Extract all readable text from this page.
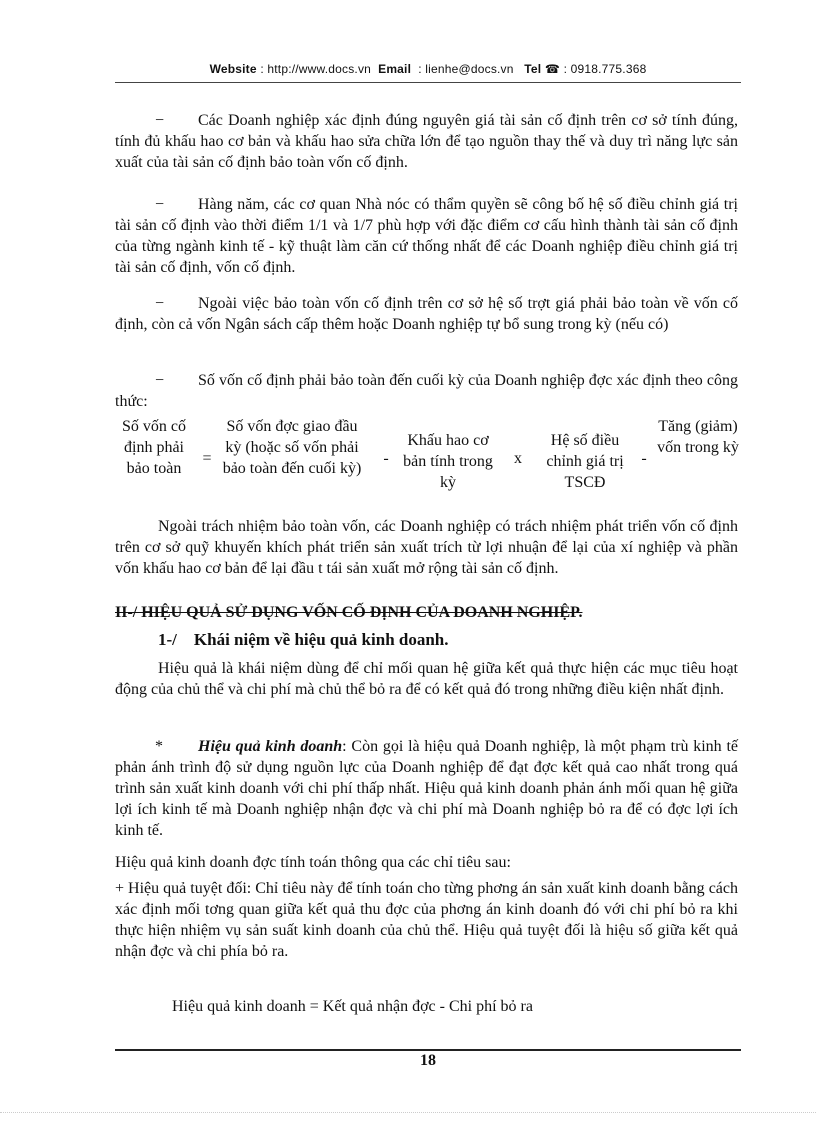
Website : http://www.docs.vn Email : lienhe@docs.vn Tel ☎ : 0918.775.368

− Các Doanh nghiệp xác định đúng nguyên giá tài sản cố định trên cơ sở tính đúng, tính đủ khấu hao cơ bản và khấu hao sửa chữa lớn để tạo nguồn thay thế và duy trì năng lực sản xuất của tài sản cố định bảo toàn vốn cố định.

− Hàng năm, các cơ quan Nhà nóc có thẩm quyền sẽ công bố hệ số điều chỉnh giá trị tài sản cố định vào thời điểm 1/1 và 1/7 phù hợp với đặc điểm cơ cấu hình thành tài sản cố định của từng ngành kinh tế - kỹ thuật làm căn cứ thống nhất để các Doanh nghiệp điều chỉnh giá trị tài sản cố định, vốn cố định.

− Ngoài việc bảo toàn vốn cố định trên cơ sở hệ số trợt giá phải bảo toàn về vốn cố định, còn cả vốn Ngân sách cấp thêm hoặc Doanh nghiệp tự bổ sung trong kỳ (nếu có)

− Số vốn cố định phải bảo toàn đến cuối kỳ của Doanh nghiệp đợc xác định theo công thức:

Số vốn cố định phải bảo toàn
=
Số vốn đợc giao đầu kỳ (hoặc số vốn phải bảo toàn đến cuối kỳ)
-
Khấu hao cơ bản tính trong kỳ
x
Hệ số điều chỉnh giá trị TSCĐ
-
Tăng (giảm) vốn trong kỳ

Ngoài trách nhiệm bảo toàn vốn, các Doanh nghiệp có trách nhiệm phát triển vốn cố định trên cơ sở quỹ khuyến khích phát triển sản xuất trích từ lợi nhuận để lại của xí nghiệp và phần vốn khấu hao cơ bản để lại đầu t tái sản xuất mở rộng tài sản cố định.

II-/ HIỆU QUẢ SỬ DỤNG VỐN CỐ ĐỊNH CỦA DOANH NGHIỆP.

1-/ Khái niệm về hiệu quả kinh doanh.

Hiệu quả là khái niệm dùng để chỉ mối quan hệ giữa kết quả thực hiện các mục tiêu hoạt động của chủ thể và chi phí mà chủ thể bỏ ra để có kết quả đó trong những điều kiện nhất định.

* Hiệu quả kinh doanh: Còn gọi là hiệu quả Doanh nghiệp, là một phạm trù kinh tế phản ánh trình độ sử dụng nguồn lực của Doanh nghiệp để đạt đợc kết quả cao nhất trong quá trình sản xuất kinh doanh với chi phí thấp nhất. Hiệu quả kinh doanh phản ánh mối quan hệ giữa lợi ích kinh tế mà Doanh nghiệp nhận đợc và chi phí mà Doanh nghiệp bỏ ra để có đợc lợi ích kinh tế.

Hiệu quả kinh doanh đợc tính toán thông qua các chỉ tiêu sau:

+ Hiệu quả tuyệt đối: Chỉ tiêu này để tính toán cho từng phơng án sản xuất kinh doanh bằng cách xác định mối tơng quan giữa kết quả thu đợc của phơng án kinh doanh đó với chi phí bỏ ra khi thực hiện nhiệm vụ sản suất kinh doanh của chủ thể. Hiệu quả tuyệt đối là hiệu số giữa kết quả nhận đợc và chi phía bỏ ra.

Hiệu quả kinh doanh = Kết quả nhận đợc - Chi phí bỏ ra

18
